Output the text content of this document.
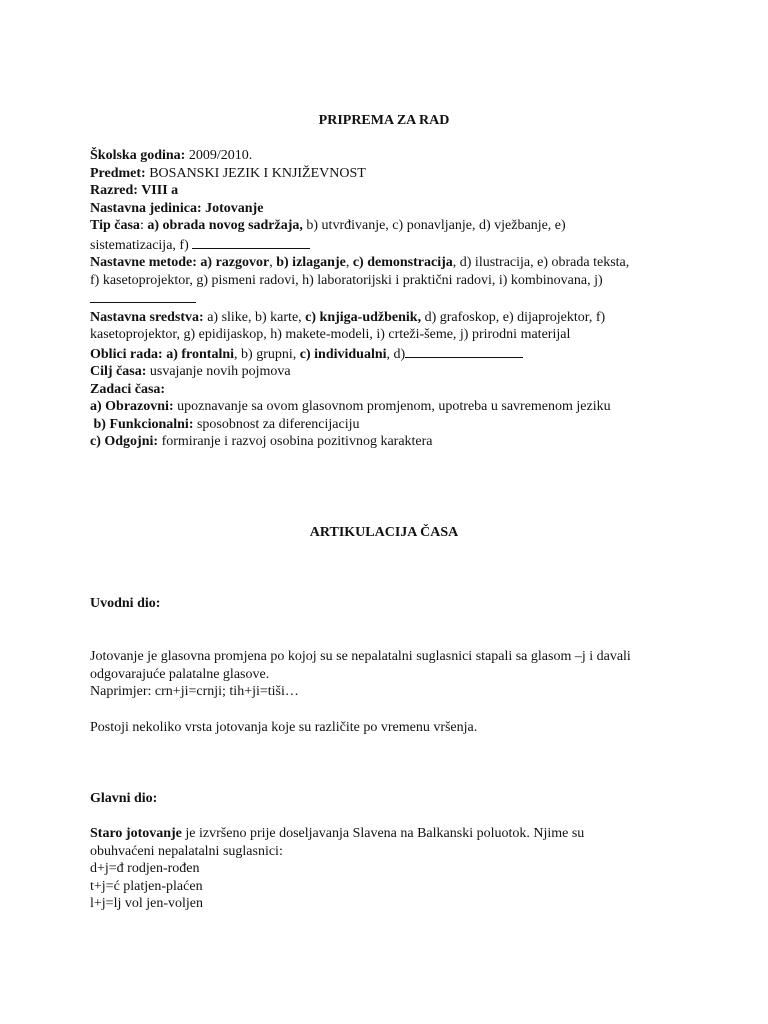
PRIPREMA ZA RAD

Školska godina: 2009/2010.
Predmet: BOSANSKI JEZIK I KNJIŽEVNOST
Razred: VIII a
Nastavna jedinica: Jotovanje
Tip časa: a) obrada novog sadržaja, b) utvrđivanje, c) ponavljanje, d) vježbanje, e)
sistematizacija, f)
Nastavne metode: a) razgovor, b) izlaganje, c) demonstracija, d) ilustracija, e) obrada teksta,
f) kasetoprojektor, g) pismeni radovi, h) laboratorijski i praktični radovi, i) kombinovana, j)
Nastavna sredstva: a) slike, b) karte, c) knjiga-udžbenik, d) grafoskop, e) dijaprojektor, f)
kasetoprojektor, g) epidijaskop, h) makete-modeli, i) crteži-šeme, j) prirodni materijal
Oblici rada: a) frontalni, b) grupni, c) individualni, d)
Cilj časa: usvajanje novih pojmova
Zadaci časa:
a) Obrazovni: upoznavanje sa ovom glasovnom promjenom, upotreba u savremenom jeziku
b) Funkcionalni: sposobnost za diferencijaciju
c) Odgojni: formiranje i razvoj osobina pozitivnog karaktera

ARTIKULACIJA ČASA

Uvodni dio:

Jotovanje je glasovna promjena po kojoj su se nepalatalni suglasnici stapali sa glasom –j i davali odgovarajuće palatalne glasove.
Naprimjer: crn+ji=crnji; tih+ji=tiši…

Postoji nekoliko vrsta jotovanja koje su različite po vremenu vršenja.

Glavni dio:

Staro jotovanje je izvršeno prije doseljavanja Slavena na Balkanski poluotok. Njime su obuhvaćeni nepalatalni suglasnici:
d+j=đ rodjen-rođen
t+j=ć platjen-plaćen
l+j=lj vol jen-voljen
